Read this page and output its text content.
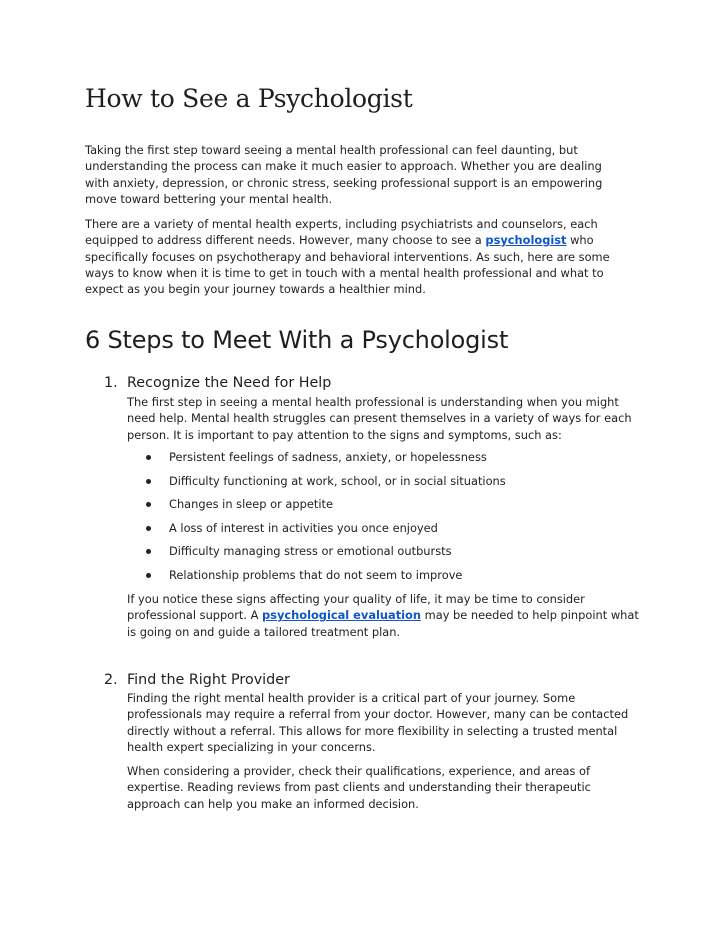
How to See a Psychologist

Taking the first step toward seeing a mental health professional can feel daunting, but understanding the process can make it much easier to approach. Whether you are dealing with anxiety, depression, or chronic stress, seeking professional support is an empowering move toward bettering your mental health.

There are a variety of mental health experts, including psychiatrists and counselors, each equipped to address different needs. However, many choose to see a psychologist who specifically focuses on psychotherapy and behavioral interventions. As such, here are some ways to know when it is time to get in touch with a mental health professional and what to expect as you begin your journey towards a healthier mind.

6 Steps to Meet With a Psychologist
1. Recognize the Need for Help

The first step in seeing a mental health professional is understanding when you might need help. Mental health struggles can present themselves in a variety of ways for each person. It is important to pay attention to the signs and symptoms, such as:

Persistent feelings of sadness, anxiety, or hopelessness
Difficulty functioning at work, school, or in social situations
Changes in sleep or appetite
A loss of interest in activities you once enjoyed
Difficulty managing stress or emotional outbursts
Relationship problems that do not seem to improve

If you notice these signs affecting your quality of life, it may be time to consider professional support. A psychological evaluation may be needed to help pinpoint what is going on and guide a tailored treatment plan.

2. Find the Right Provider

Finding the right mental health provider is a critical part of your journey. Some professionals may require a referral from your doctor. However, many can be contacted directly without a referral. This allows for more flexibility in selecting a trusted mental health expert specializing in your concerns.

When considering a provider, check their qualifications, experience, and areas of expertise. Reading reviews from past clients and understanding their therapeutic approach can help you make an informed decision.
